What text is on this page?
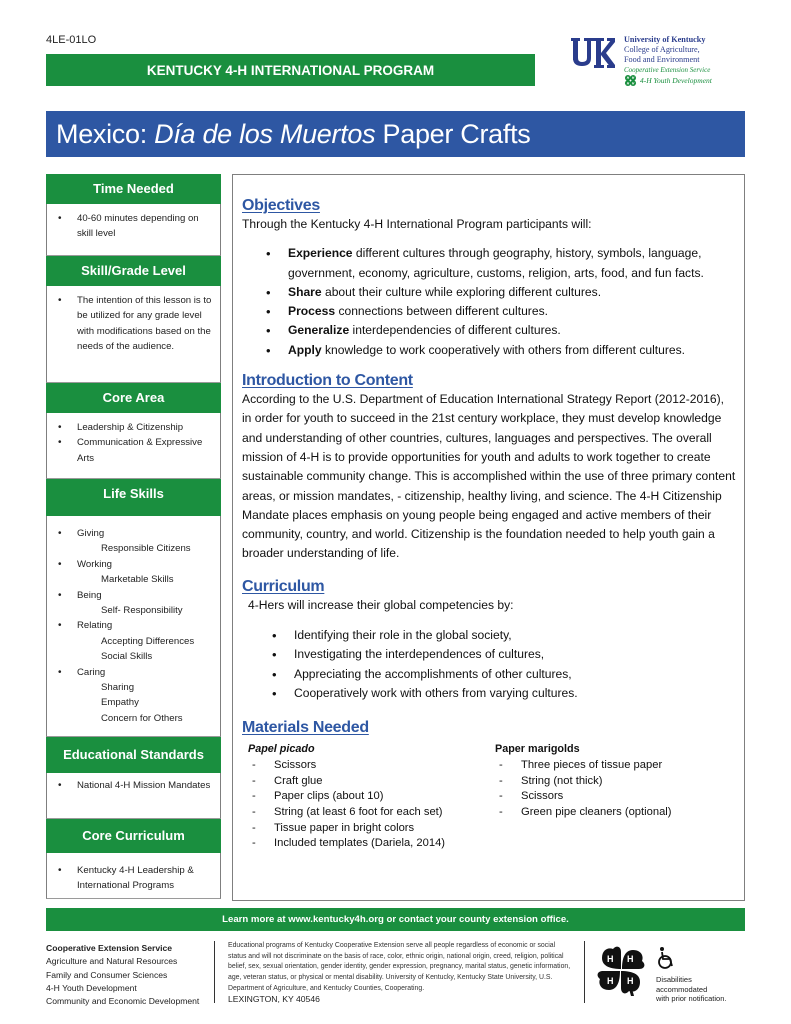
4LE-01LO
KENTUCKY 4-H INTERNATIONAL PROGRAM
University of Kentucky
College of Agriculture,
Food and Environment
Cooperative Extension Service
H H
H H 4-H Youth Development
Mexico: Día de los Muertos Paper Crafts
Time Needed
• 40-60 minutes depending on skill level
Skill/Grade Level
• The intention of this lesson is to be utilized for any grade level with modifications based on the needs of the audience.
Core Area
• Leadership & Citizenship
• Communication & Expressive Arts
Life Skills
• Giving
Responsible Citizens
• Working
Marketable Skills
• Being
Self- Responsibility
• Relating
Accepting Differences
Social Skills
• Caring
Sharing
Empathy
Concern for Others
Educational Standards
• National 4-H Mission Mandates
Core Curriculum
• Kentucky 4-H Leadership & International Programs
Objectives
Through the Kentucky 4-H International Program participants will:
• Experience different cultures through geography, history, symbols, language, government, economy, agriculture, customs, religion, arts, food, and fun facts.
• Share about their culture while exploring different cultures.
• Process connections between different cultures.
• Generalize interdependencies of different cultures.
• Apply knowledge to work cooperatively with others from different cultures.
Introduction to Content
According to the U.S. Department of Education International Strategy Report (2012-2016), in order for youth to succeed in the 21st century workplace, they must develop knowledge and understanding of other countries, cultures, languages and perspectives. The overall mission of 4-H is to provide opportunities for youth and adults to work together to create sustainable community change. This is accomplished within the use of three primary content areas, or mission mandates, - citizenship, healthy living, and science. The 4-H Citizenship Mandate places emphasis on young people being engaged and active members of their community, country, and world. Citizenship is the foundation needed to help youth gain a broader understanding of life.
Curriculum
4-Hers will increase their global competencies by:
• Identifying their role in the global society,
• Investigating the interdependences of cultures,
• Appreciating the accomplishments of other cultures,
• Cooperatively work with others from varying cultures.
Materials Needed
Papel picado
- Scissors
- Craft glue
- Paper clips (about 10)
- String (at least 6 foot for each set)
- Tissue paper in bright colors
- Included templates (Dariela, 2014)
Paper marigolds
- Three pieces of tissue paper
- String (not thick)
- Scissors
- Green pipe cleaners (optional)
Learn more at www.kentucky4h.org or contact your county extension office.
Cooperative Extension Service
Agriculture and Natural Resources
Family and Consumer Sciences
4-H Youth Development
Community and Economic Development
Educational programs of Kentucky Cooperative Extension serve all people regardless of economic or social status and will not discriminate on the basis of race, color, ethnic origin, national origin, creed, religion, political belief, sex, sexual orientation, gender identity, gender expression, pregnancy, marital status, genetic information, age, veteran status, or physical or mental disability. University of Kentucky, Kentucky State University, U.S. Department of Agriculture, and Kentucky Counties, Cooperating.
LEXINGTON, KY 40546
H H
H
H	Disabilities
accommodated
with prior notification.
